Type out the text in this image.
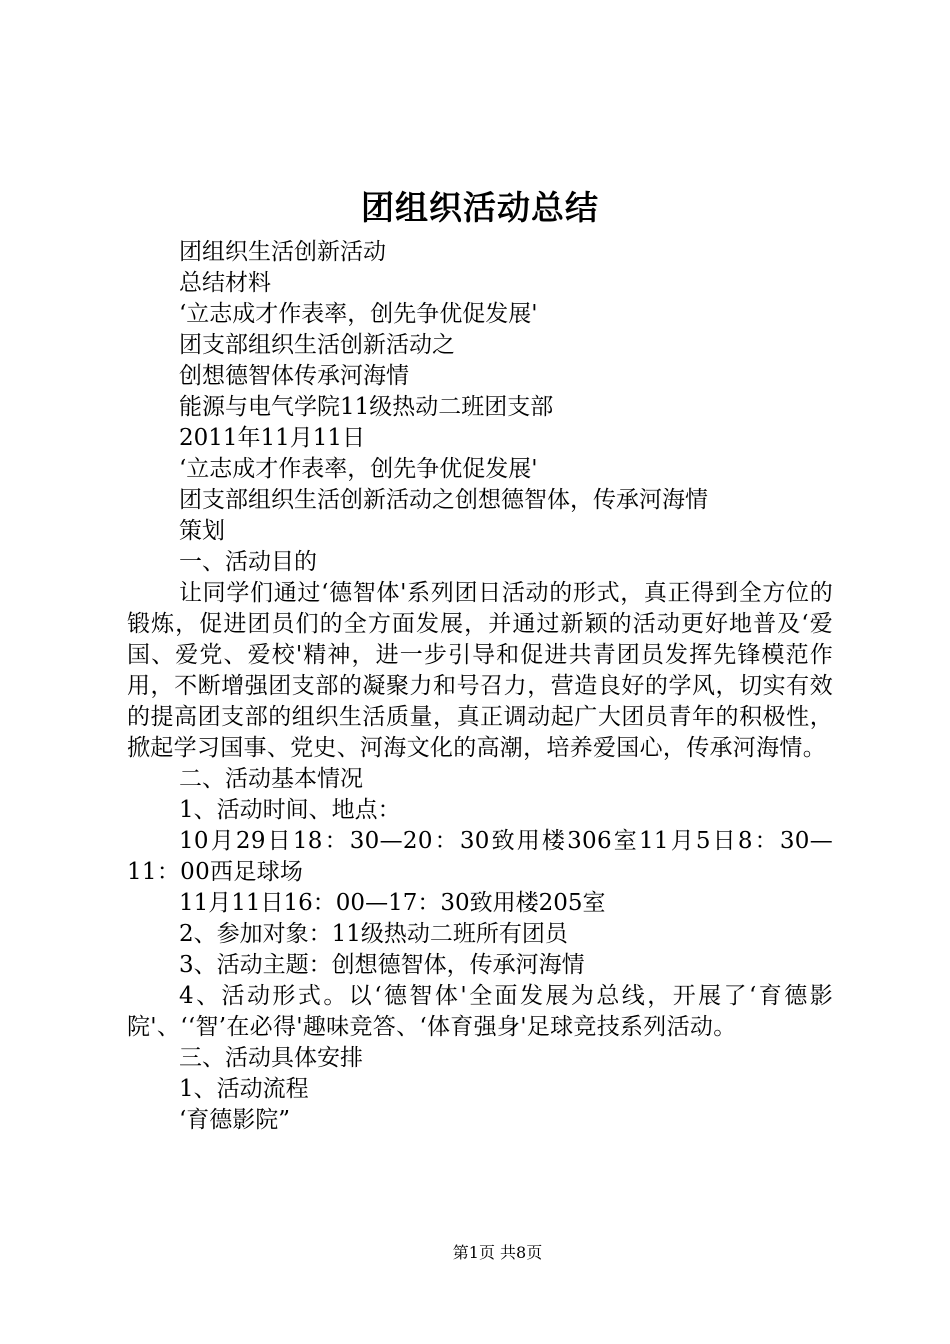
团组织活动总结

团组织生活创新活动

总结材料

‘立志成才作表率，创先争优促发展'

团支部组织生活创新活动之

创想德智体传承河海情

能源与电气学院11级热动二班团支部

2011年11月11日

‘立志成才作表率，创先争优促发展'

团支部组织生活创新活动之创想德智体，传承河海情

策划

一、活动目的

让同学们通过‘德智体'系列团日活动的形式，真正得到全方位的锻炼，促进团员们的全方面发展，并通过新颖的活动更好地普及‘爱国、爱党、爱校'精神，进一步引导和促进共青团员发挥先锋模范作用，不断增强团支部的凝聚力和号召力，营造良好的学风，切实有效的提高团支部的组织生活质量，真正调动起广大团员青年的积极性，掀起学习国事、党史、河海文化的高潮，培养爱国心，传承河海情。

二、活动基本情况

1、活动时间、地点：

10月29日18：30—20：30致用楼306室11月5日8：30—11：00西足球场

11月11日16：00—17：30致用楼205室

2、参加对象：11级热动二班所有团员

3、活动主题：创想德智体，传承河海情

4、活动形式。以‘德智体'全面发展为总线，开展了‘育德影院'、‘‘智’在必得'趣味竞答、‘体育强身'足球竞技系列活动。

三、活动具体安排

1、活动流程

‘育德影院”

第1页 共8页
